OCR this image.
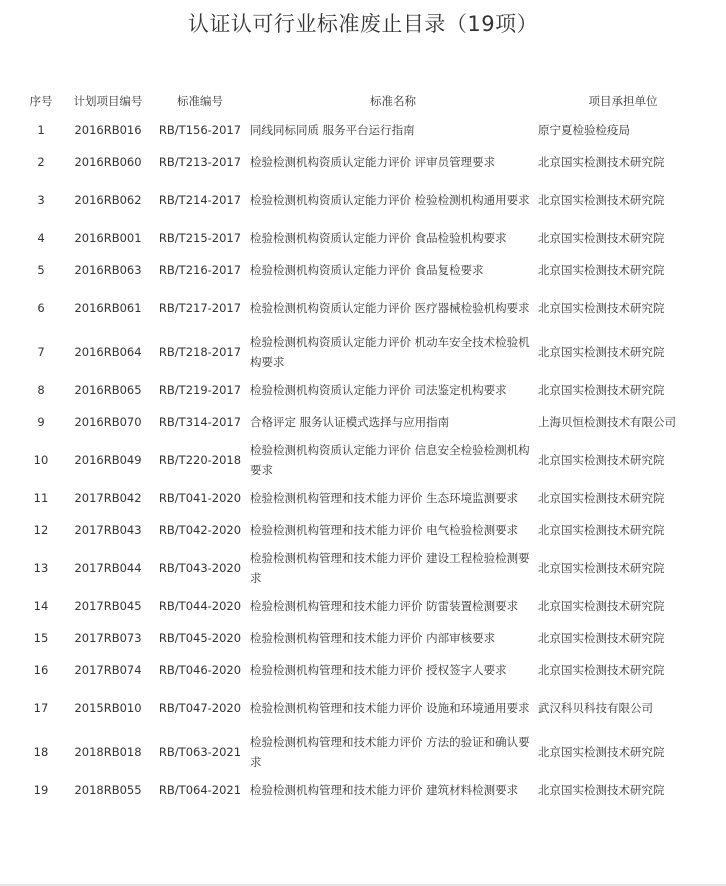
认证认可行业标准废止目录（19项）
序号	计划项目编号	标准编号	标准名称	项目承担单位
1	2016RB016	RB/T156-2017	同线同标同质 服务平台运行指南	原宁夏检验检疫局
2	2016RB060	RB/T213-2017	检验检测机构资质认定能力评价 评审员管理要求	北京国实检测技术研究院
3	2016RB062	RB/T214-2017	检验检测机构资质认定能力评价 检验检测机构通用要求	北京国实检测技术研究院
4	2016RB001	RB/T215-2017	检验检测机构资质认定能力评价 食品检验机构要求	北京国实检测技术研究院
5	2016RB063	RB/T216-2017	检验检测机构资质认定能力评价 食品复检要求	北京国实检测技术研究院
6	2016RB061	RB/T217-2017	检验检测机构资质认定能力评价 医疗器械检验机构要求	北京国实检测技术研究院
7	2016RB064	RB/T218-2017	检验检测机构资质认定能力评价 机动车安全技术检验机构要求	北京国实检测技术研究院
8	2016RB065	RB/T219-2017	检验检测机构资质认定能力评价 司法鉴定机构要求	北京国实检测技术研究院
9	2016RB070	RB/T314-2017	合格评定 服务认证模式选择与应用指南	上海贝恒检测技术有限公司
10	2016RB049	RB/T220-2018	检验检测机构资质认定能力评价 信息安全检验检测机构要求	北京国实检测技术研究院
11	2017RB042	RB/T041-2020	检验检测机构管理和技术能力评价 生态环境监测要求	北京国实检测技术研究院
12	2017RB043	RB/T042-2020	检验检测机构管理和技术能力评价 电气检验检测要求	北京国实检测技术研究院
13	2017RB044	RB/T043-2020	检验检测机构管理和技术能力评价 建设工程检验检测要求	北京国实检测技术研究院
14	2017RB045	RB/T044-2020	检验检测机构管理和技术能力评价 防雷装置检测要求	北京国实检测技术研究院
15	2017RB073	RB/T045-2020	检验检测机构管理和技术能力评价 内部审核要求	北京国实检测技术研究院
16	2017RB074	RB/T046-2020	检验检测机构管理和技术能力评价 授权签字人要求	北京国实检测技术研究院
17	2015RB010	RB/T047-2020	检验检测机构管理和技术能力评价 设施和环境通用要求	武汉科贝科技有限公司
18	2018RB018	RB/T063-2021	检验检测机构管理和技术能力评价 方法的验证和确认要求	北京国实检测技术研究院
19	2018RB055	RB/T064-2021	检验检测机构管理和技术能力评价 建筑材料检测要求	北京国实检测技术研究院
